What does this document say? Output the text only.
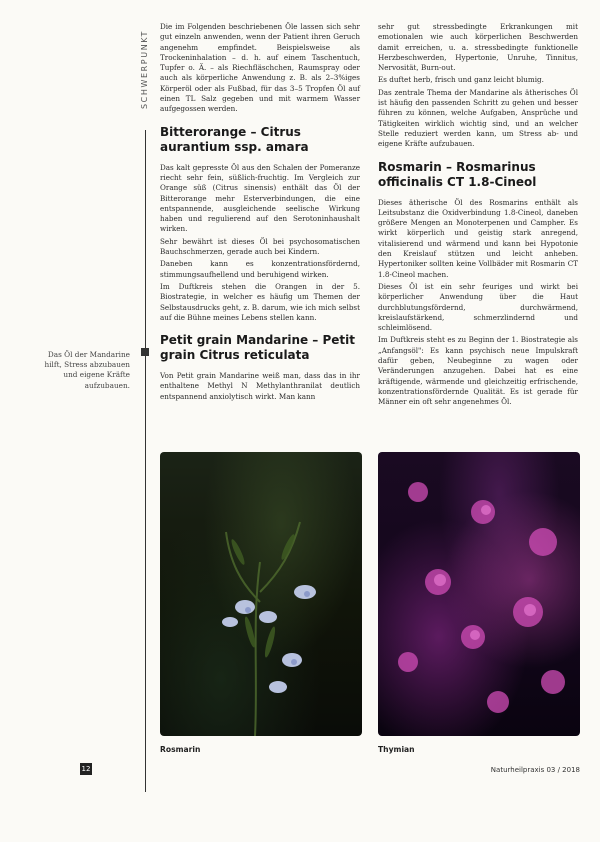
SCHWERPUNKT
Das Öl der Mandarine hilft, Stress abzubauen und eigene Kräfte aufzubauen.

Die im Folgenden beschriebenen Öle lassen sich sehr gut einzeln anwenden, wenn der Patient ihren Geruch angenehm empfindet. Beispielsweise als Trockeninhalation – d. h. auf einem Taschentuch, Tupfer o. Ä. – als Riechfläschchen, Raumspray oder auch als körperliche Anwendung z. B. als 2–3%iges Körperöl oder als Fußbad, für das 3–5 Tropfen Öl auf einen TL Salz gegeben und mit warmem Wasser aufgegossen werden.

Bitterorange – Citrus aurantium ssp. amara

Das kalt gepresste Öl aus den Schalen der Pomeranze riecht sehr fein, süßlich-fruchtig. Im Vergleich zur Orange süß (Citrus sinensis) enthält das Öl der Bitterorange mehr Esterverbindungen, die eine entspannende, ausgleichende seelische Wirkung haben und regulierend auf den Serotoninhaushalt wirken.

Sehr bewährt ist dieses Öl bei psychosomatischen Bauchschmerzen, gerade auch bei Kindern.

Daneben kann es konzentrationsfördernd, stimmungsaufhellend und beruhigend wirken.

Im Duftkreis stehen die Orangen in der 5. Biostrategie, in welcher es häufig um Themen der Selbstausdrucks geht, z. B. darum, wie ich mich selbst auf die Bühne meines Lebens stellen kann.

Petit grain Mandarine – Petit grain Citrus reticulata

Von Petit grain Mandarine weiß man, dass das in ihr enthaltene Methyl N Methylanthranilat deutlich entspannend anxiolytisch wirkt. Man kann

sehr gut stressbedingte Erkrankungen mit emotionalen wie auch körperlichen Beschwerden damit erreichen, u. a. stressbedingte funktionelle Herzbeschwerden, Hypertonie, Unruhe, Tinnitus, Nervosität, Burn-out.

Es duftet herb, frisch und ganz leicht blumig.

Das zentrale Thema der Mandarine als ätherisches Öl ist häufig den passenden Schritt zu gehen und besser führen zu können, welche Aufgaben, Ansprüche und Tätigkeiten wirklich wichtig sind, und an welcher Stelle reduziert werden kann, um Stress ab- und eigene Kräfte aufzubauen.

Rosmarin – Rosmarinus officinalis CT 1.8-Cineol

Dieses ätherische Öl des Rosmarins enthält als Leitsubstanz die Oxidverbindung 1.8-Cineol, daneben größere Mengen an Monoterpenen und Campher. Es wirkt körperlich und geistig stark anregend, vitalisierend und wärmend und kann bei Hypotonie den Kreislauf stützen und leicht anheben. Hypertoniker sollten keine Vollbäder mit Rosmarin CT 1.8-Cineol machen.

Dieses Öl ist ein sehr feuriges und wirkt bei körperlicher Anwendung über die Haut durchblutungsfördernd, durchwärmend, kreislaufstärkend, schmerzlindernd und schleimlösend.

Im Duftkreis steht es zu Beginn der 1. Biostrategie als „Anfangsöl": Es kann psychisch neue Impulskraft dafür geben, Neubeginne zu wagen oder Veränderungen anzugehen. Dabei hat es eine kräftigende, wärmende und gleichzeitig erfrischende, konzentrationsfördernde Qualität. Es ist gerade für Männer ein oft sehr angenehmes Öl.

Rosmarin	Thymian
12	Naturheilpraxis 03 / 2018
